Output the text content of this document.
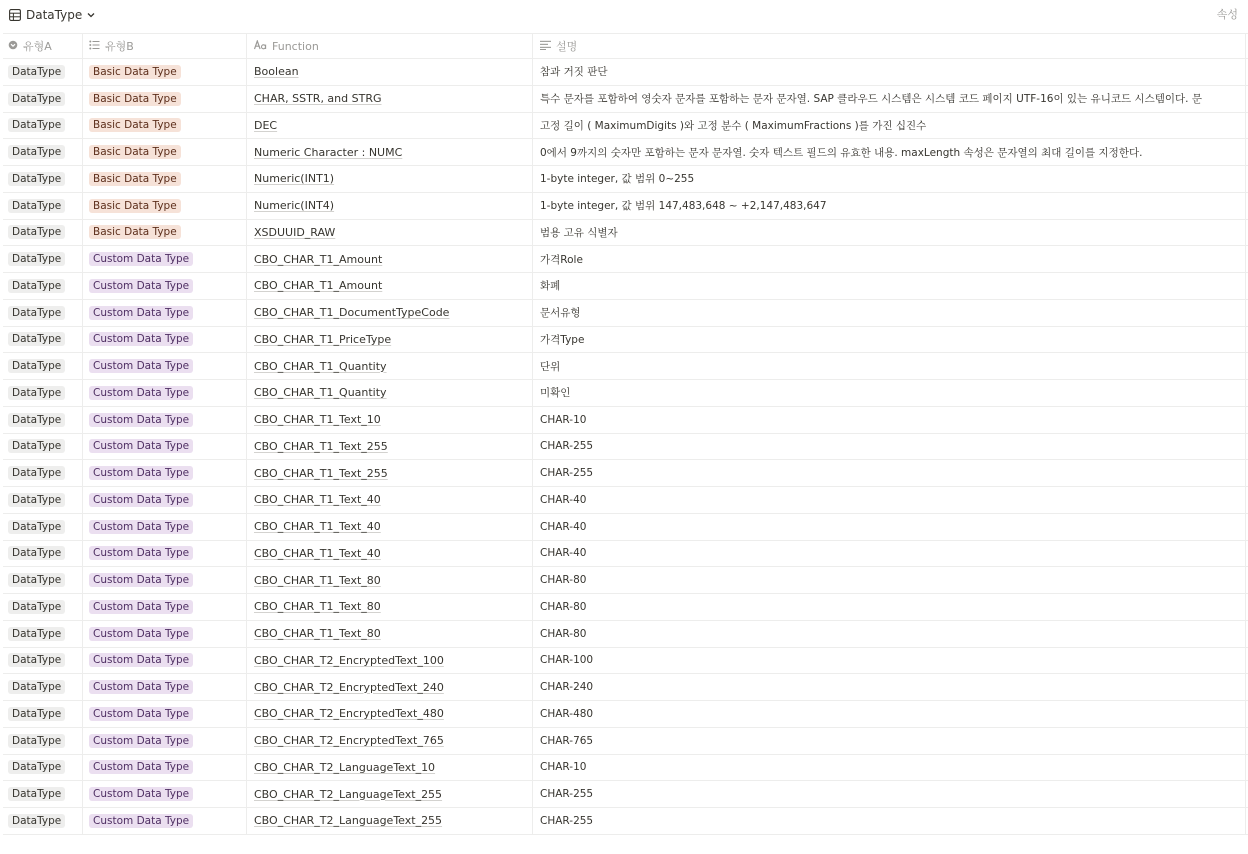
DataType	속성
유형A	유형B	Function	설명
DataType	Basic Data Type	Boolean	참과 거짓 판단
DataType	Basic Data Type	CHAR, SSTR, and STRG	특수 문자를 포함하여 영숫자 문자를 포함하는 문자 문자열. SAP 클라우드 시스템은 시스템 코드 페이지 UTF-16이 있는 유니코드 시스템이다. 문
DataType	Basic Data Type	DEC	고정 길이 ( MaximumDigits )와 고정 분수 ( MaximumFractions )를 가진 십진수
DataType	Basic Data Type	Numeric Character : NUMC	0에서 9까지의 숫자만 포함하는 문자 문자열. 숫자 텍스트 필드의 유효한 내용. maxLength 속성은 문자열의 최대 길이를 지정한다.
DataType	Basic Data Type	Numeric(INT1)	1-byte integer, 값 범위 0~255
DataType	Basic Data Type	Numeric(INT4)	1-byte integer, 값 범위 147,483,648 ~ +2,147,483,647
DataType	Basic Data Type	XSDUUID_RAW	범용 고유 식별자
DataType	Custom Data Type	CBO_CHAR_T1_Amount	가격Role
DataType	Custom Data Type	CBO_CHAR_T1_Amount	화폐
DataType	Custom Data Type	CBO_CHAR_T1_DocumentTypeCode	문서유형
DataType	Custom Data Type	CBO_CHAR_T1_PriceType	가격Type
DataType	Custom Data Type	CBO_CHAR_T1_Quantity	단위
DataType	Custom Data Type	CBO_CHAR_T1_Quantity	미확인
DataType	Custom Data Type	CBO_CHAR_T1_Text_10	CHAR-10
DataType	Custom Data Type	CBO_CHAR_T1_Text_255	CHAR-255
DataType	Custom Data Type	CBO_CHAR_T1_Text_255	CHAR-255
DataType	Custom Data Type	CBO_CHAR_T1_Text_40	CHAR-40
DataType	Custom Data Type	CBO_CHAR_T1_Text_40	CHAR-40
DataType	Custom Data Type	CBO_CHAR_T1_Text_40	CHAR-40
DataType	Custom Data Type	CBO_CHAR_T1_Text_80	CHAR-80
DataType	Custom Data Type	CBO_CHAR_T1_Text_80	CHAR-80
DataType	Custom Data Type	CBO_CHAR_T1_Text_80	CHAR-80
DataType	Custom Data Type	CBO_CHAR_T2_EncryptedText_100	CHAR-100
DataType	Custom Data Type	CBO_CHAR_T2_EncryptedText_240	CHAR-240
DataType	Custom Data Type	CBO_CHAR_T2_EncryptedText_480	CHAR-480
DataType	Custom Data Type	CBO_CHAR_T2_EncryptedText_765	CHAR-765
DataType	Custom Data Type	CBO_CHAR_T2_LanguageText_10	CHAR-10
DataType	Custom Data Type	CBO_CHAR_T2_LanguageText_255	CHAR-255
DataType	Custom Data Type	CBO_CHAR_T2_LanguageText_255	CHAR-255
